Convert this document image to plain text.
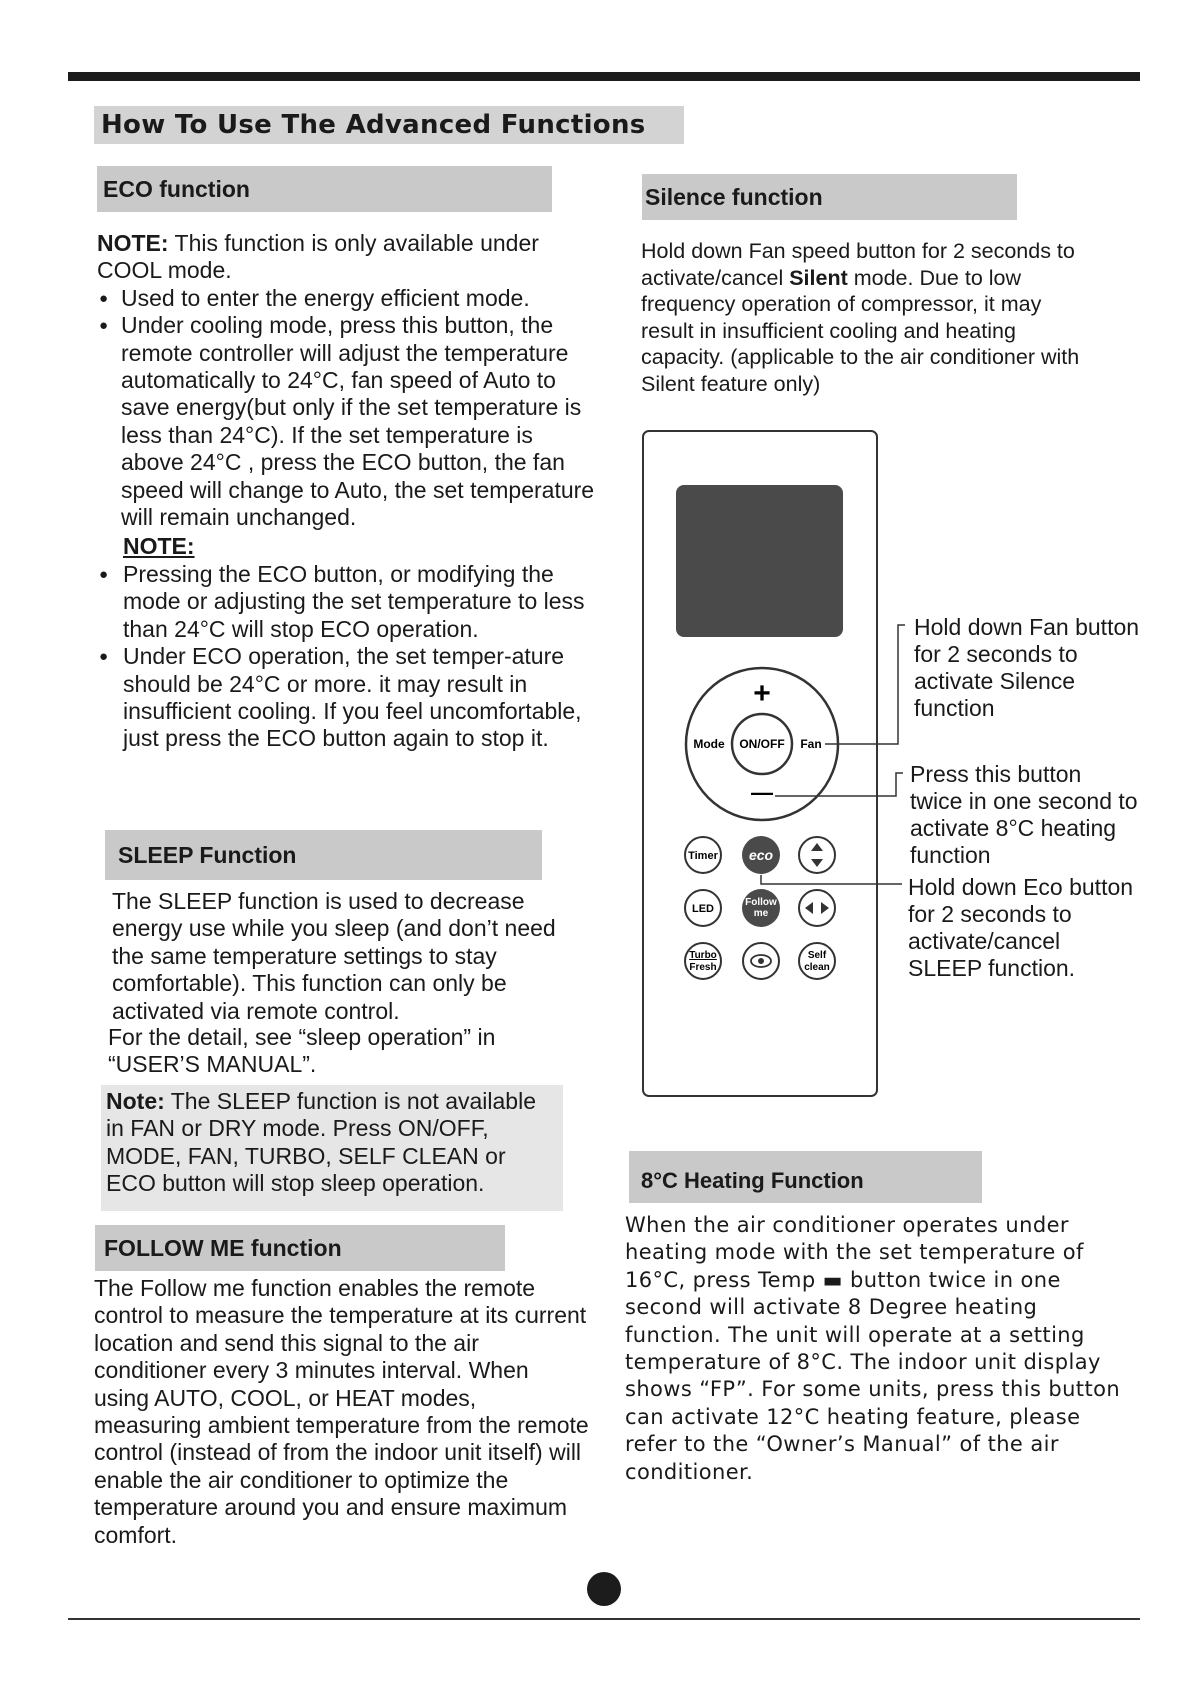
How To Use The Advanced Functions
ECO function

NOTE: This function is only available under COOL mode.

● Used to enter the energy efficient mode.

● Under cooling mode, press this button, the remote controller will adjust the temperature automatically to 24°C, fan speed of Auto to save energy(but only if the set temperature is less than 24°C). If the set temperature is above 24°C , press the ECO button, the fan speed will change to Auto, the set temperature will remain unchanged.

NOTE:

● Pressing the ECO button, or modifying the mode or adjusting the set temperature to less than 24°C will stop ECO operation.

● Under ECO operation, the set temper-ature should be 24°C or more. it may result in insufficient cooling. If you feel uncomfortable, just press the ECO button again to stop it.

SLEEP Function
The SLEEP function is used to decrease energy use while you sleep (and don’t need the same temperature settings to stay comfortable). This function can only be activated via remote control.
For the detail, see “sleep operation” in “USER’S MANUAL”.
Note: The SLEEP function is not available in FAN or DRY mode. Press ON/OFF, MODE, FAN, TURBO, SELF CLEAN or ECO button will stop sleep operation.
FOLLOW ME function
The Follow me function enables the remote control to measure the temperature at its current location and send this signal to the air conditioner every 3 minutes interval. When using AUTO, COOL, or HEAT modes, measuring ambient temperature from the remote control (instead of from the indoor unit itself) will enable the air conditioner to optimize the temperature around you and ensure maximum comfort.
Silence function
Hold down Fan speed button for 2 seconds to activate/cancel Silent mode. Due to low frequency operation of compressor, it may result in insufficient cooling and heating capacity. (applicable to the air conditioner with Silent feature only)
+
—
ON/OFF
Mode	Fan
Timer eco
LED
Follow
me
Turbo
Fresh
Self
clean
Hold down Fan button for 2 seconds to activate Silence function
Press this button twice in one second to activate 8°C heating function
Hold down Eco button for 2 seconds to activate/cancel SLEEP function.
8°C Heating Function
When the air conditioner operates under heating mode with the set temperature of 16°C, press Temp ▬ button twice in one second will activate 8 Degree heating function. The unit will operate at a setting temperature of 8°C. The indoor unit display shows “FP”. For some units, press this button can activate 12°C heating feature, please refer to the “Owner’s Manual” of the air conditioner.
